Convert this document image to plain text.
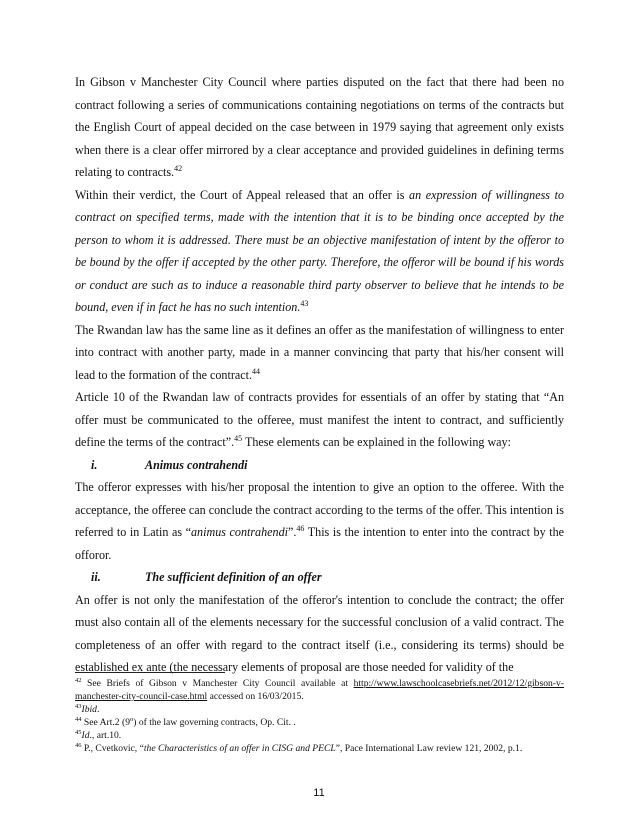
In Gibson v Manchester City Council where parties disputed on the fact that there had been no contract following a series of communications containing negotiations on terms of the contracts but the English Court of appeal decided on the case between in 1979 saying that agreement only exists when there is a clear offer mirrored by a clear acceptance and provided guidelines in defining terms relating to contracts.$^{42}$

Within their verdict, the Court of Appeal released that an offer is an expression of willingness to contract on specified terms, made with the intention that it is to be binding once accepted by the person to whom it is addressed. There must be an objective manifestation of intent by the offeror to be bound by the offer if accepted by the other party. Therefore, the offeror will be bound if his words or conduct are such as to induce a reasonable third party observer to believe that he intends to be bound, even if in fact he has no such intention.$^{43}$

The Rwandan law has the same line as it defines an offer as the manifestation of willingness to enter into contract with another party, made in a manner convincing that party that his/her consent will lead to the formation of the contract.$^{44}$

Article 10 of the Rwandan law of contracts provides for essentials of an offer by stating that “An offer must be communicated to the offeree, must manifest the intent to contract, and sufficiently define the terms of the contract”.$^{45}$ These elements can be explained in the following way:

i.	Animus contrahendi

The offeror expresses with his/her proposal the intention to give an option to the offeree. With the acceptance, the offeree can conclude the contract according to the terms of the offer. This intention is referred to in Latin as “animus contrahendi”.$^{46}$ This is the intention to enter into the contract by the offoror.

ii.	The sufficient definition of an offer

An offer is not only the manifestation of the offeror's intention to conclude the contract; the offer must also contain all of the elements necessary for the successful conclusion of a valid contract. The completeness of an offer with regard to the contract itself (i.e., considering its terms) should be established ex ante (the necessary elements of proposal are those needed for validity of the

$^{42}$ See Briefs of Gibson v Manchester City Council available at http://www.lawschoolcasebriefs.net/2012/12/gibson-v-manchester-city-council-case.html accessed on 16/03/2015.

$^{43}$Ibid.

$^{44}$ See Art.2 (9$^o$) of the law governing contracts, Op. Cit. .

$^{45}$Id., art.10.

$^{46}$ P., Cvetkovic, “the Characteristics of an offer in CISG and PECL”, Pace International Law review 121, 2002, p.1.

11
